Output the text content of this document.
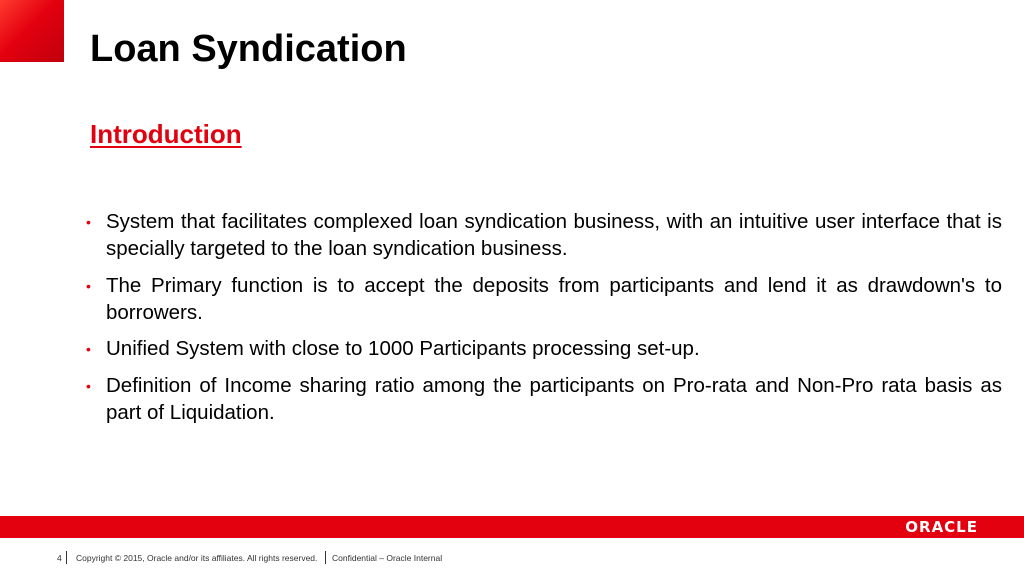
Loan Syndication
Introduction
• System that facilitates complexed loan syndication business, with an intuitive user interface that is specially targeted to the loan syndication business.
• The Primary function is to accept the deposits from participants and lend it as drawdown's to borrowers.
• Unified System with close to 1000 Participants processing set-up.
• Definition of Income sharing ratio among the participants on Pro-rata and Non-Pro rata basis as part of Liquidation.
ORACLE
4 Copyright © 2015, Oracle and/or its affiliates. All rights reserved. Confidential – Oracle Internal
